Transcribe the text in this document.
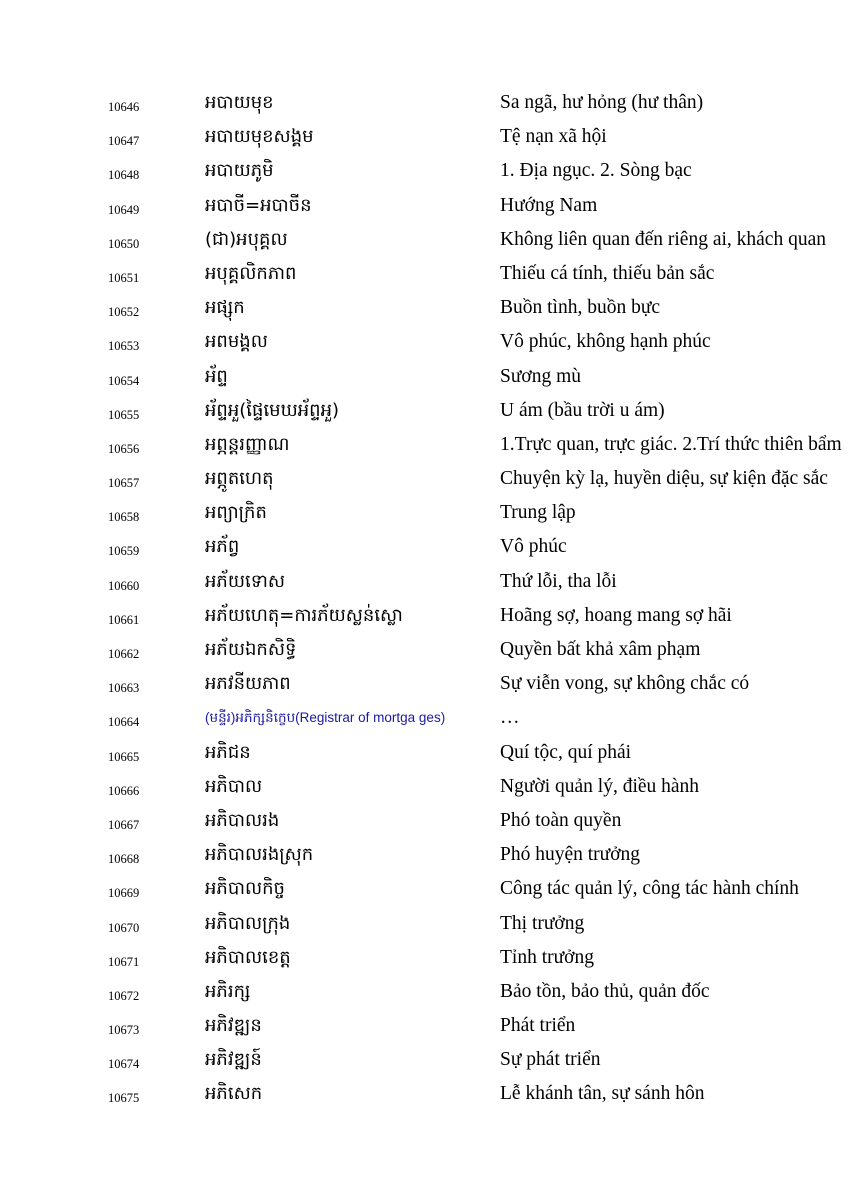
10646	អបាយមុខ	Sa ngã, hư hỏng (hư thân)
10647	អបាយមុខសង្គម	Tệ nạn xã hội
10648	អបាយភូមិ	1. Địa ngục. 2. Sòng bạc
10649	អបាចី=អបាចីន	Hướng Nam
10650	(ជា)អបុគ្គល	Không liên quan đến riêng ai, khách quan
10651	អបុគ្គលិកភាព	Thiếu cá tính, thiếu bản sắc
10652	អផ្សុក	Buồn tình, buồn bực
10653	អពមង្គល	Vô phúc, không hạnh phúc
10654	អ័ព្ទ	Sương mù
10655	អ័ព្ទអួ(ផ្ទៃមេឃអ័ព្ទអួ)	U ám (bầu trời u ám)
10656	អព្ភន្តរញ្ញាណ	1.Trực quan, trực giác. 2.Trí thức thiên bẩm
10657	អព្ភូតហេតុ	Chuyện kỳ lạ, huyền diệu, sự kiện đặc sắc
10658	អព្យាក្រិត	Trung lập
10659	អភ័ព្វ	Vô phúc
10660	អភ័យទោស	Thứ lỗi, tha lỗi
10661	អភ័យហេតុ=ការភ័យស្លន់ស្លោ	Hoãng sợ, hoang mang sợ hãi
10662	អភ័យឯកសិទ្ធិ	Quyền bất khả xâm phạm
10663	អភវនីយភាព	Sự viễn vong, sự không chắc có
10664	(មន្ទីរ)អភិក្សនិក្ខេប(Registrar of mortga ges)	…
10665	អភិជន	Quí tộc, quí phái
10666	អភិបាល	Người quản lý, điều hành
10667	អភិបាលរង	Phó toàn quyền
10668	អភិបាលរងស្រុក	Phó huyện trưởng
10669	អភិបាលកិច្ច	Công tác quản lý, công tác hành chính
10670	អភិបាលក្រុង	Thị trưởng
10671	អភិបាលខេត្ត	Tỉnh trưởng
10672	អភិរក្ស	Bảo tồn, bảo thủ, quản đốc
10673	អភិវឌ្ឍន	Phát triển
10674	អភិវឌ្ឍន៍	Sự phát triển
10675	អភិសេក	Lễ khánh tân, sự sánh hôn
